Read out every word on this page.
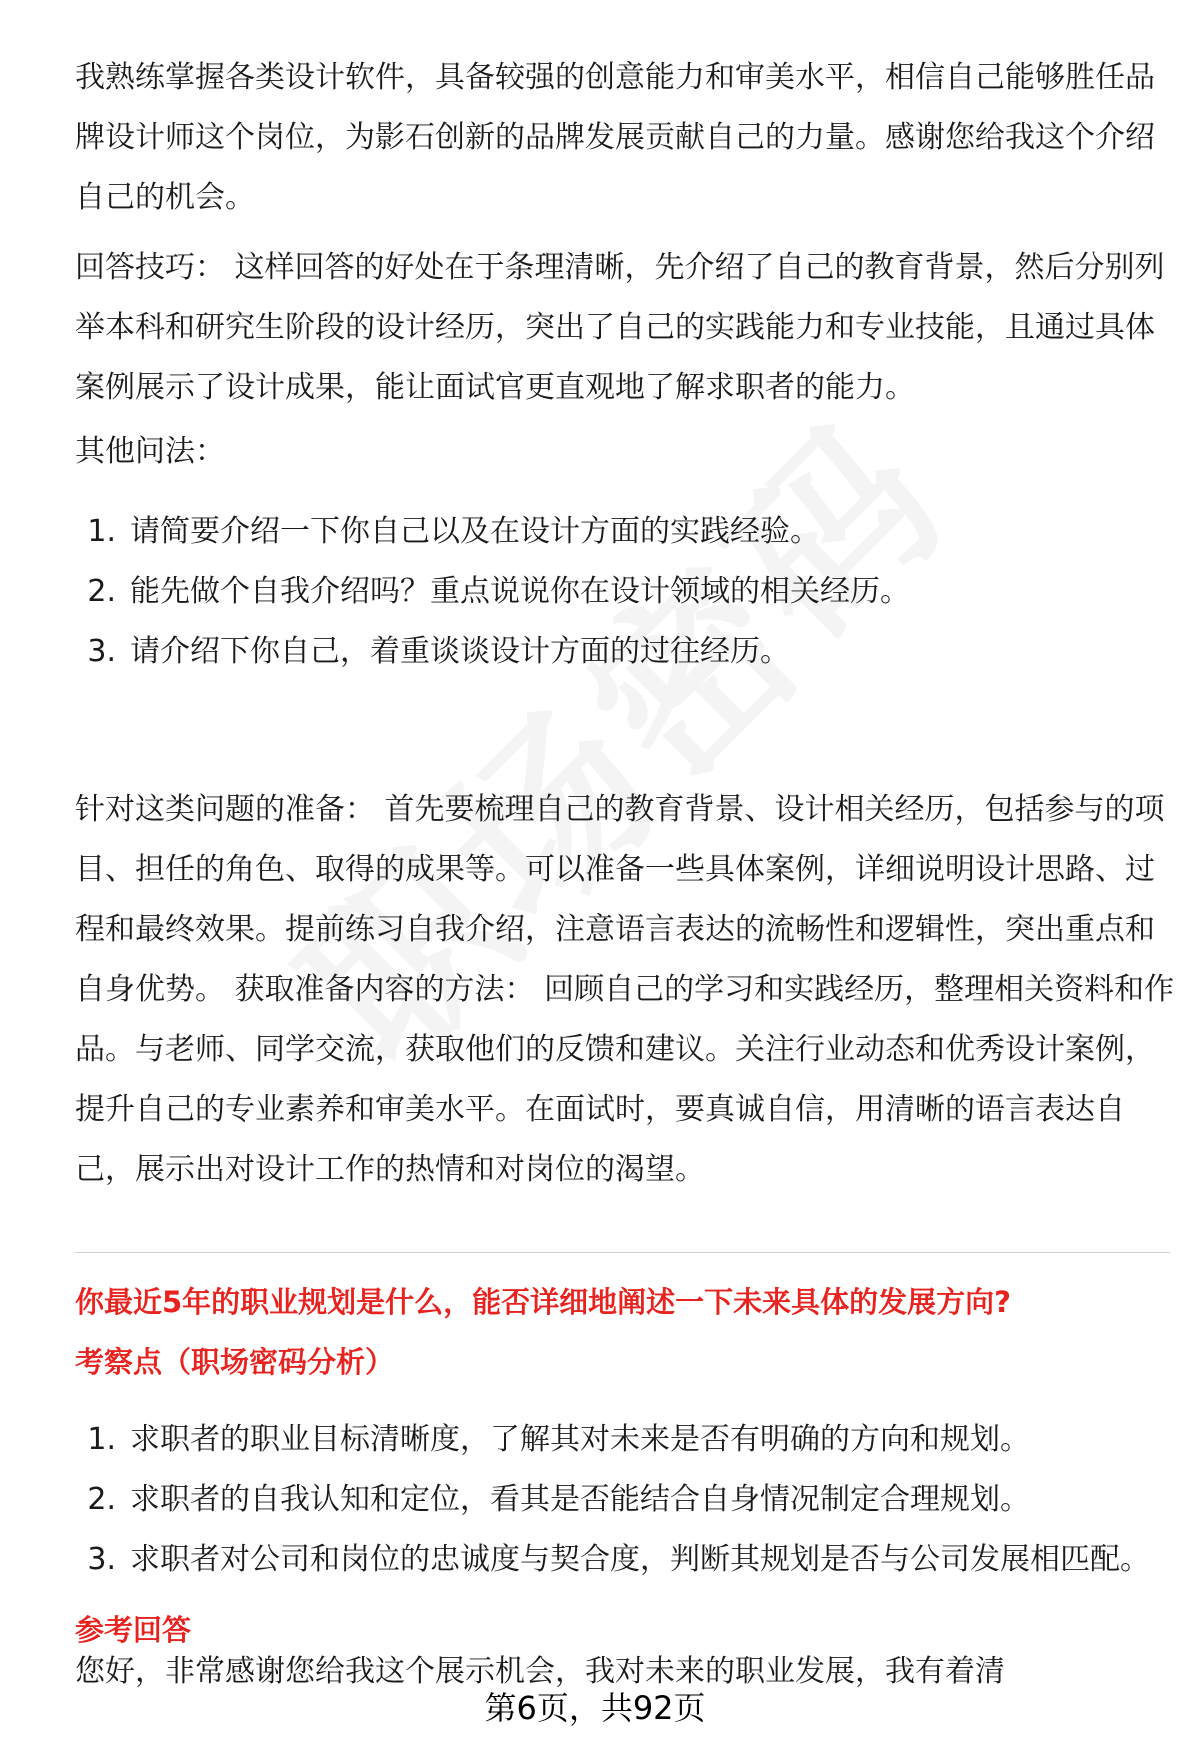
我熟练掌握各类设计软件，具备较强的创意能力和审美水平，相信自己能够胜任品牌设计师这个岗位，为影石创新的品牌发展贡献自己的力量。感谢您给我这个介绍自己的机会。

回答技巧： 这样回答的好处在于条理清晰，先介绍了自己的教育背景，然后分别列举本科和研究生阶段的设计经历，突出了自己的实践能力和专业技能，且通过具体案例展示了设计成果，能让面试官更直观地了解求职者的能力。

其他问法：

1. 请简要介绍一下你自己以及在设计方面的实践经验。
2. 能先做个自我介绍吗？重点说说你在设计领域的相关经历。
3. 请介绍下你自己，着重谈谈设计方面的过往经历。

针对这类问题的准备： 首先要梳理自己的教育背景、设计相关经历，包括参与的项目、担任的角色、取得的成果等。可以准备一些具体案例，详细说明设计思路、过程和最终效果。提前练习自我介绍，注意语言表达的流畅性和逻辑性，突出重点和自身优势。 获取准备内容的方法： 回顾自己的学习和实践经历，整理相关资料和作品。与老师、同学交流，获取他们的反馈和建议。关注行业动态和优秀设计案例，提升自己的专业素养和审美水平。在面试时，要真诚自信，用清晰的语言表达自己，展示出对设计工作的热情和对岗位的渴望。

你最近5年的职业规划是什么，能否详细地阐述一下未来具体的发展方向?
考察点（职场密码分析）
1. 求职者的职业目标清晰度，了解其对未来是否有明确的方向和规划。
2. 求职者的自我认知和定位，看其是否能结合自身情况制定合理规划。
3. 求职者对公司和岗位的忠诚度与契合度，判断其规划是否与公司发展相匹配。
参考回答
您好，非常感谢您给我这个展示机会，我对未来的职业发展，我有着清
第6页，共92页
